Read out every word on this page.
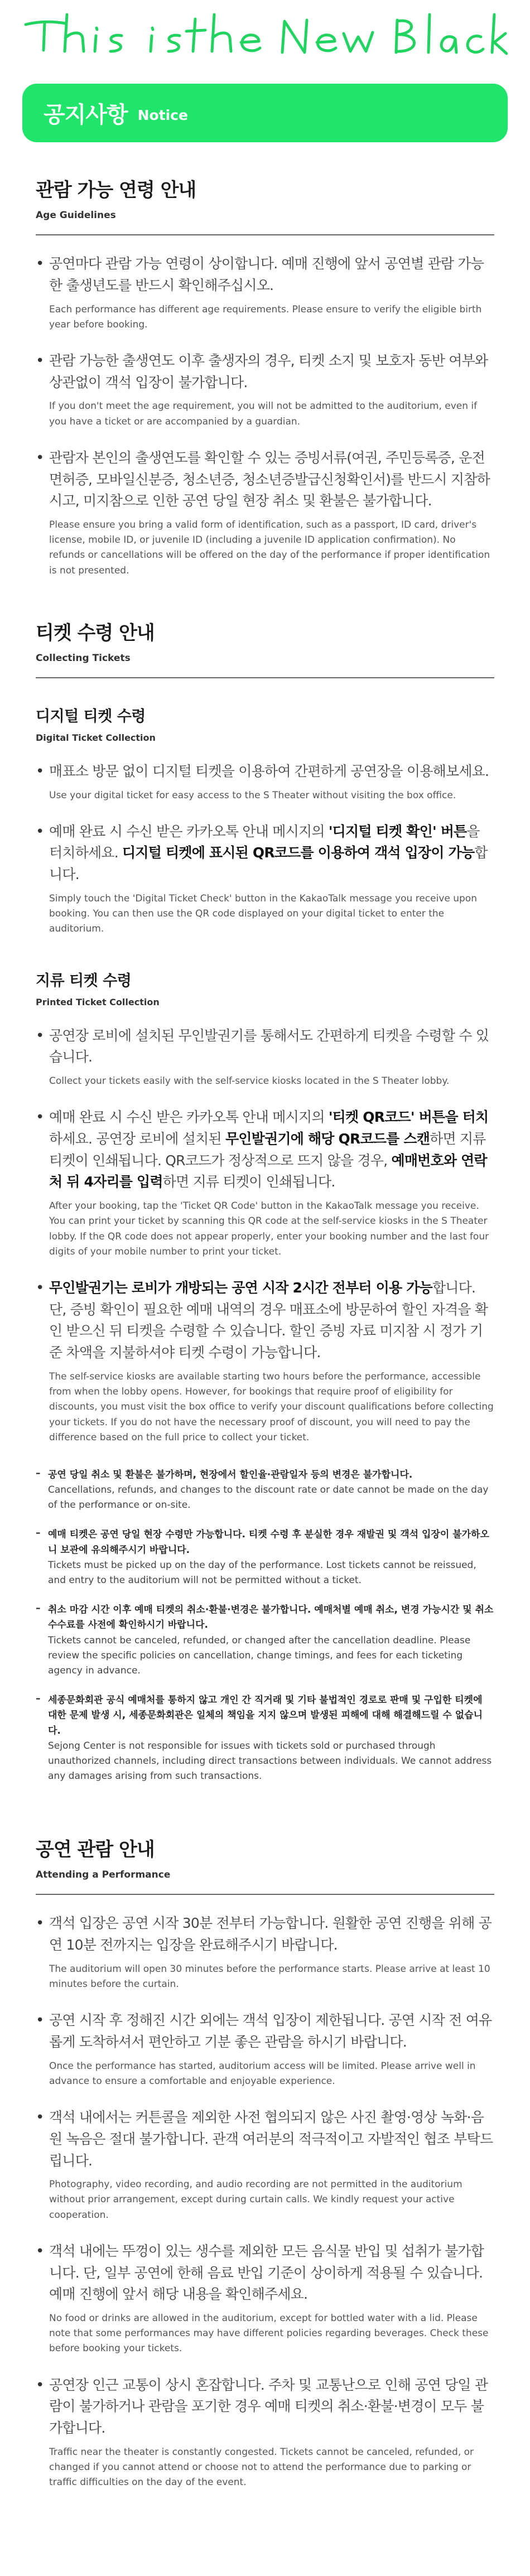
This is the New Black
공지사항 Notice
관람 가능 연령 안내
Age Guidelines
• 공연마다 관람 가능 연령이 상이합니다. 예매 진행에 앞서 공연별 관람 가능한 출생년도를 반드시 확인해주십시오.
Each performance has different age requirements. Please ensure to verify the eligible birth year before booking.
• 관람 가능한 출생연도 이후 출생자의 경우, 티켓 소지 및 보호자 동반 여부와 상관없이 객석 입장이 불가합니다.
If you don't meet the age requirement, you will not be admitted to the auditorium, even if you have a ticket or are accompanied by a guardian.
• 관람자 본인의 출생연도를 확인할 수 있는 증빙서류(여권, 주민등록증, 운전면허증, 모바일신분증, 청소년증, 청소년증발급신청확인서)를 반드시 지참하시고, 미지참으로 인한 공연 당일 현장 취소 및 환불은 불가합니다.
Please ensure you bring a valid form of identification, such as a passport, ID card, driver's license, mobile ID, or juvenile ID (including a juvenile ID application confirmation). No refunds or cancellations will be offered on the day of the performance if proper identification is not presented.
티켓 수령 안내
Collecting Tickets
디지털 티켓 수령
Digital Ticket Collection
• 매표소 방문 없이 디지털 티켓을 이용하여 간편하게 공연장을 이용해보세요.
Use your digital ticket for easy access to the S Theater without visiting the box office.
• 예매 완료 시 수신 받은 카카오톡 안내 메시지의 '디지털 티켓 확인' 버튼을 터치하세요. 디지털 티켓에 표시된 QR코드를 이용하여 객석 입장이 가능합니다.
Simply touch the 'Digital Ticket Check' button in the KakaoTalk message you receive upon booking. You can then use the QR code displayed on your digital ticket to enter the auditorium.
지류 티켓 수령
Printed Ticket Collection
• 공연장 로비에 설치된 무인발권기를 통해서도 간편하게 티켓을 수령할 수 있습니다.
Collect your tickets easily with the self-service kiosks located in the S Theater lobby.
• 예매 완료 시 수신 받은 카카오톡 안내 메시지의 '티켓 QR코드' 버튼을 터치하세요. 공연장 로비에 설치된 무인발권기에 해당 QR코드를 스캔하면 지류 티켓이 인쇄됩니다. QR코드가 정상적으로 뜨지 않을 경우, 예매번호와 연락처 뒤 4자리를 입력하면 지류 티켓이 인쇄됩니다.
After your booking, tap the 'Ticket QR Code' button in the KakaoTalk message you receive. You can print your ticket by scanning this QR code at the self-service kiosks in the S Theater lobby. If the QR code does not appear properly, enter your booking number and the last four digits of your mobile number to print your ticket.
• 무인발권기는 로비가 개방되는 공연 시작 2시간 전부터 이용 가능합니다. 단, 증빙 확인이 필요한 예매 내역의 경우 매표소에 방문하여 할인 자격을 확인 받으신 뒤 티켓을 수령할 수 있습니다. 할인 증빙 자료 미지참 시 정가 기준 차액을 지불하셔야 티켓 수령이 가능합니다.
The self-service kiosks are available starting two hours before the performance, accessible from when the lobby opens. However, for bookings that require proof of eligibility for discounts, you must visit the box office to verify your discount qualifications before collecting your tickets. If you do not have the necessary proof of discount, you will need to pay the difference based on the full price to collect your ticket.
– 공연 당일 취소 및 환불은 불가하며, 현장에서 할인율·관람일자 등의 변경은 불가합니다.
Cancellations, refunds, and changes to the discount rate or date cannot be made on the day of the performance or on-site.
– 예매 티켓은 공연 당일 현장 수령만 가능합니다. 티켓 수령 후 분실한 경우 재발권 및 객석 입장이 불가하오니 보관에 유의해주시기 바랍니다.
Tickets must be picked up on the day of the performance. Lost tickets cannot be reissued, and entry to the auditorium will not be permitted without a ticket.
– 취소 마감 시간 이후 예매 티켓의 취소·환불·변경은 불가합니다. 예매처별 예매 취소, 변경 가능시간 및 취소 수수료를 사전에 확인하시기 바랍니다.
Tickets cannot be canceled, refunded, or changed after the cancellation deadline. Please review the specific policies on cancellation, change timings, and fees for each ticketing agency in advance.
– 세종문화회관 공식 예매처를 통하지 않고 개인 간 직거래 및 기타 불법적인 경로로 판매 및 구입한 티켓에 대한 문제 발생 시, 세종문화회관은 일체의 책임을 지지 않으며 발생된 피해에 대해 해결해드릴 수 없습니다.
Sejong Center is not responsible for issues with tickets sold or purchased through unauthorized channels, including direct transactions between individuals. We cannot address any damages arising from such transactions.
공연 관람 안내
Attending a Performance
• 객석 입장은 공연 시작 30분 전부터 가능합니다. 원활한 공연 진행을 위해 공연 10분 전까지는 입장을 완료해주시기 바랍니다.
The auditorium will open 30 minutes before the performance starts. Please arrive at least 10 minutes before the curtain.
• 공연 시작 후 정해진 시간 외에는 객석 입장이 제한됩니다. 공연 시작 전 여유롭게 도착하셔서 편안하고 기분 좋은 관람을 하시기 바랍니다.
Once the performance has started, auditorium access will be limited. Please arrive well in advance to ensure a comfortable and enjoyable experience.
• 객석 내에서는 커튼콜을 제외한 사전 협의되지 않은 사진 촬영·영상 녹화·음원 녹음은 절대 불가합니다. 관객 여러분의 적극적이고 자발적인 협조 부탁드립니다.
Photography, video recording, and audio recording are not permitted in the auditorium without prior arrangement, except during curtain calls. We kindly request your active cooperation.
• 객석 내에는 뚜껑이 있는 생수를 제외한 모든 음식물 반입 및 섭취가 불가합니다. 단, 일부 공연에 한해 음료 반입 기준이 상이하게 적용될 수 있습니다. 예매 진행에 앞서 해당 내용을 확인해주세요.
No food or drinks are allowed in the auditorium, except for bottled water with a lid. Please note that some performances may have different policies regarding beverages. Check these before booking your tickets.
• 공연장 인근 교통이 상시 혼잡합니다. 주차 및 교통난으로 인해 공연 당일 관람이 불가하거나 관람을 포기한 경우 예매 티켓의 취소·환불·변경이 모두 불가합니다.
Traffic near the theater is constantly congested. Tickets cannot be canceled, refunded, or changed if you cannot attend or choose not to attend the performance due to parking or traffic difficulties on the day of the event.
